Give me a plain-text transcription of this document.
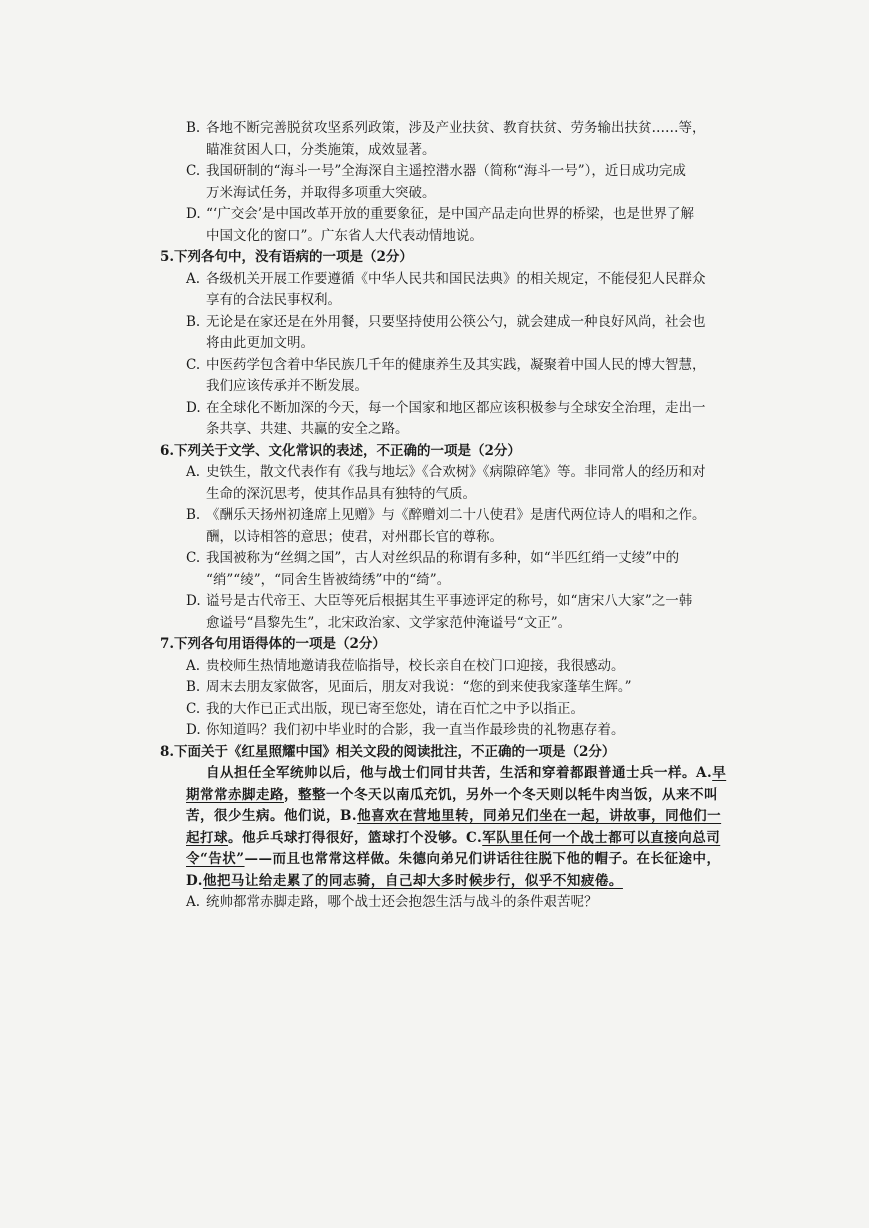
B. 各地不断完善脱贫攻坚系列政策，涉及产业扶贫、教育扶贫、劳务输出扶贫……等，
瞄准贫困人口，分类施策，成效显著。
C. 我国研制的“海斗一号”全海深自主遥控潜水器（简称“海斗一号”），近日成功完成
万米海试任务，并取得多项重大突破。
D. “‘广交会’是中国改革开放的重要象征，是中国产品走向世界的桥梁，也是世界了解
中国文化的窗口”。广东省人大代表动情地说。
5.下列各句中，没有语病的一项是（2分）
A. 各级机关开展工作要遵循《中华人民共和国民法典》的相关规定，不能侵犯人民群众
享有的合法民事权利。
B. 无论是在家还是在外用餐，只要坚持使用公筷公勺，就会建成一种良好风尚，社会也
将由此更加文明。
C. 中医药学包含着中华民族几千年的健康养生及其实践，凝聚着中国人民的博大智慧，
我们应该传承并不断发展。
D. 在全球化不断加深的今天，每一个国家和地区都应该积极参与全球安全治理，走出一
条共享、共建、共赢的安全之路。
6.下列关于文学、文化常识的表述，不正确的一项是（2分）
A. 史铁生，散文代表作有《我与地坛》《合欢树》《病隙碎笔》等。非同常人的经历和对
生命的深沉思考，使其作品具有独特的气质。
B. 《酬乐天扬州初逢席上见赠》与《醉赠刘二十八使君》是唐代两位诗人的唱和之作。
酬，以诗相答的意思；使君，对州郡长官的尊称。
C. 我国被称为“丝绸之国”，古人对丝织品的称谓有多种，如“半匹红绡一丈绫”中的
“绡”“绫”，“同舍生皆被绮绣”中的“绮”。
D. 谥号是古代帝王、大臣等死后根据其生平事迹评定的称号，如“唐宋八大家”之一韩
愈谥号“昌黎先生”，北宋政治家、文学家范仲淹谥号“文正”。
7.下列各句用语得体的一项是（2分）
A. 贵校师生热情地邀请我莅临指导，校长亲自在校门口迎接，我很感动。
B. 周末去朋友家做客，见面后，朋友对我说：“您的到来使我家蓬荜生辉。”
C. 我的大作已正式出版，现已寄至您处，请在百忙之中予以指正。
D. 你知道吗？我们初中毕业时的合影，我一直当作最珍贵的礼物惠存着。
8.下面关于《红星照耀中国》相关文段的阅读批注，不正确的一项是（2分）
自从担任全军统帅以后，他与战士们同甘共苦，生活和穿着都跟普通士兵一样。A.早
期常常赤脚走路，整整一个冬天以南瓜充饥，另外一个冬天则以牦牛肉当饭，从来不叫
苦，很少生病。他们说，B.他喜欢在营地里转，同弟兄们坐在一起，讲故事，同他们一
起打球。他乒乓球打得很好，篮球打个没够。C.军队里任何一个战士都可以直接向总司
令“告状”——而且也常常这样做。朱德向弟兄们讲话往往脱下他的帽子。在长征途中，
D.他把马让给走累了的同志骑，自己却大多时候步行，似乎不知疲倦。
A. 统帅都常赤脚走路，哪个战士还会抱怨生活与战斗的条件艰苦呢？
